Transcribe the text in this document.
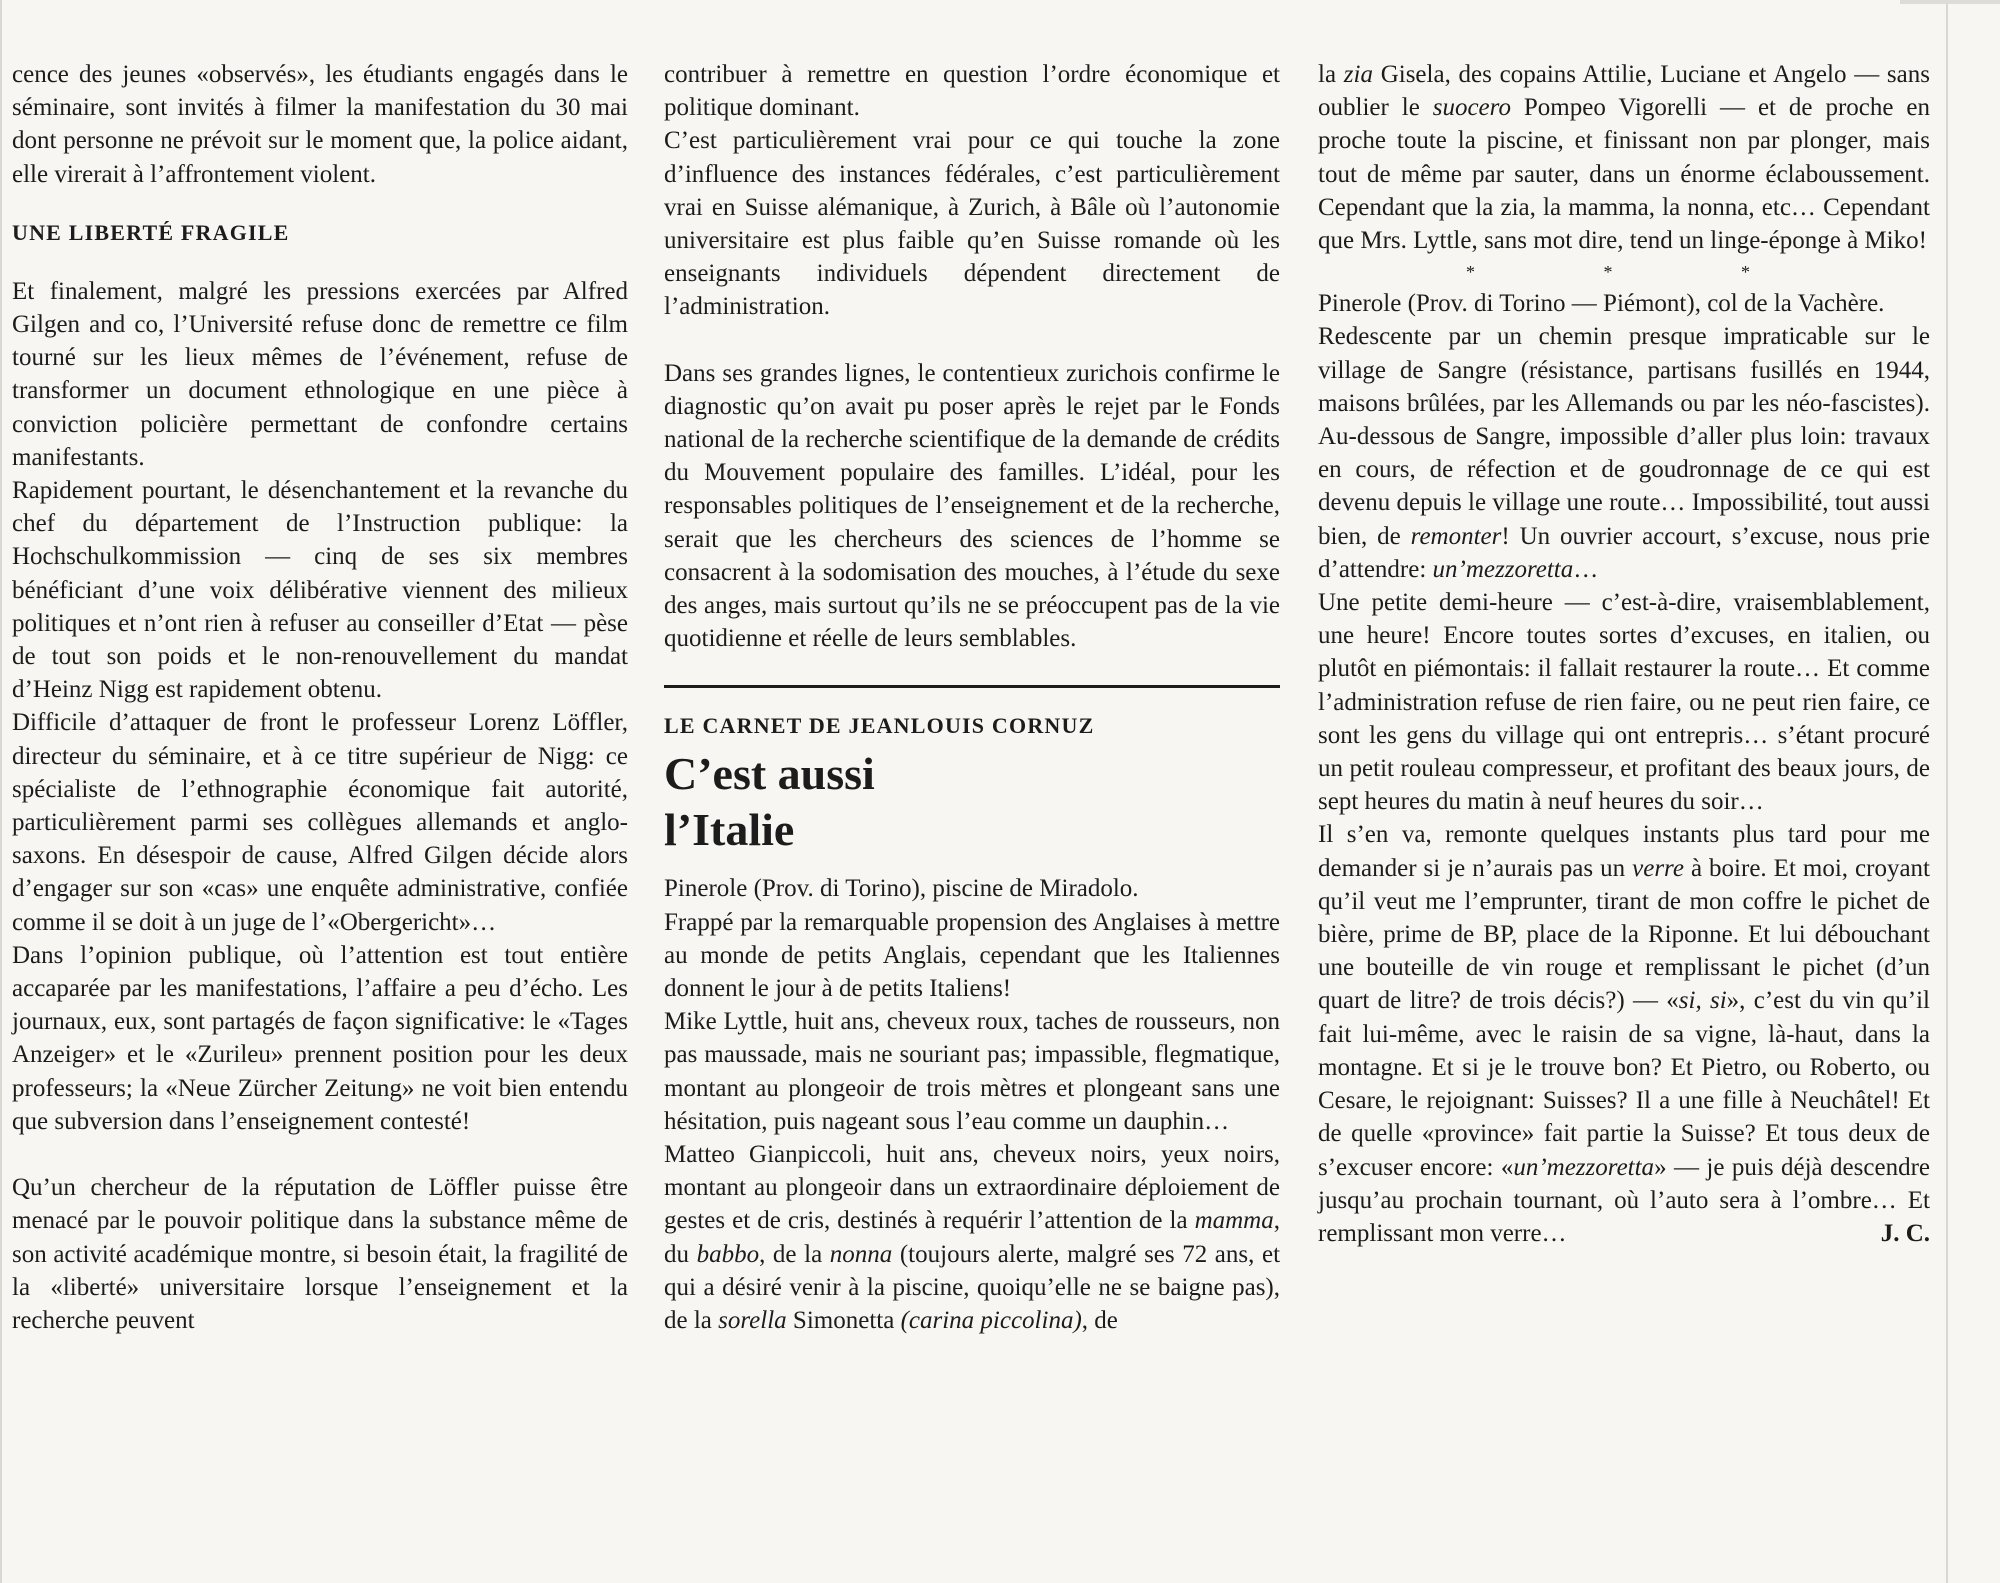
cence des jeunes «observés», les étudiants engagés dans le séminaire, sont invités à filmer la manifestation du 30 mai dont personne ne prévoit sur le moment que, la police aidant, elle virerait à l’affrontement violent.

UNE LIBERTÉ FRAGILE

Et finalement, malgré les pressions exercées par Alfred Gilgen and co, l’Université refuse donc de remettre ce film tourné sur les lieux mêmes de l’événement, refuse de transformer un document ethnologique en une pièce à conviction policière permettant de confondre certains manifestants.

Rapidement pourtant, le désenchantement et la revanche du chef du département de l’Instruction publique: la Hochschulkommission — cinq de ses six membres bénéficiant d’une voix délibérative viennent des milieux politiques et n’ont rien à refuser au conseiller d’Etat — pèse de tout son poids et le non-renouvellement du mandat d’Heinz Nigg est rapidement obtenu.

Difficile d’attaquer de front le professeur Lorenz Löffler, directeur du séminaire, et à ce titre supérieur de Nigg: ce spécialiste de l’ethnographie économique fait autorité, particulièrement parmi ses collègues allemands et anglo-saxons. En désespoir de cause, Alfred Gilgen décide alors d’engager sur son «cas» une enquête administrative, confiée comme il se doit à un juge de l’«Obergericht»…

Dans l’opinion publique, où l’attention est tout entière accaparée par les manifestations, l’affaire a peu d’écho. Les journaux, eux, sont partagés de façon significative: le «Tages Anzeiger» et le «Zurileu» prennent position pour les deux professeurs; la «Neue Zürcher Zeitung» ne voit bien entendu que subversion dans l’enseignement contesté!

Qu’un chercheur de la réputation de Löffler puisse être menacé par le pouvoir politique dans la substance même de son activité académique montre, si besoin était, la fragilité de la «liberté» universitaire lorsque l’enseignement et la recherche peuvent

contribuer à remettre en question l’ordre économique et politique dominant.

C’est particulièrement vrai pour ce qui touche la zone d’influence des instances fédérales, c’est particulièrement vrai en Suisse alémanique, à Zurich, à Bâle où l’autonomie universitaire est plus faible qu’en Suisse romande où les enseignants individuels dépendent directement de l’administration.

Dans ses grandes lignes, le contentieux zurichois confirme le diagnostic qu’on avait pu poser après le rejet par le Fonds national de la recherche scientifique de la demande de crédits du Mouvement populaire des familles. L’idéal, pour les responsables politiques de l’enseignement et de la recherche, serait que les chercheurs des sciences de l’homme se consacrent à la sodomisation des mouches, à l’étude du sexe des anges, mais surtout qu’ils ne se préoccupent pas de la vie quotidienne et réelle de leurs semblables.

LE CARNET DE JEANLOUIS CORNUZ
C’est aussi
l’Italie

Pinerole (Prov. di Torino), piscine de Miradolo.

Frappé par la remarquable propension des Anglaises à mettre au monde de petits Anglais, cependant que les Italiennes donnent le jour à de petits Italiens!

Mike Lyttle, huit ans, cheveux roux, taches de rousseurs, non pas maussade, mais ne souriant pas; impassible, flegmatique, montant au plongeoir de trois mètres et plongeant sans une hésitation, puis nageant sous l’eau comme un dauphin…

Matteo Gianpiccoli, huit ans, cheveux noirs, yeux noirs, montant au plongeoir dans un extraordinaire déploiement de gestes et de cris, destinés à requérir l’attention de la mamma, du babbo, de la nonna (toujours alerte, malgré ses 72 ans, et qui a désiré venir à la piscine, quoiqu’elle ne se baigne pas), de la sorella Simonetta (carina piccolina), de

la zia Gisela, des copains Attilie, Luciane et Angelo — sans oublier le suocero Pompeo Vigorelli — et de proche en proche toute la piscine, et finissant non par plonger, mais tout de même par sauter, dans un énorme éclaboussement. Cependant que la zia, la mamma, la nonna, etc… Cependant que Mrs. Lyttle, sans mot dire, tend un linge-éponge à Miko!

* * *

Pinerole (Prov. di Torino — Piémont), col de la Vachère.

Redescente par un chemin presque impraticable sur le village de Sangre (résistance, partisans fusillés en 1944, maisons brûlées, par les Allemands ou par les néo-fascistes). Au-dessous de Sangre, impossible d’aller plus loin: travaux en cours, de réfection et de goudronnage de ce qui est devenu depuis le village une route… Impossibilité, tout aussi bien, de remonter! Un ouvrier accourt, s’excuse, nous prie d’attendre: un’mezzoretta…

Une petite demi-heure — c’est-à-dire, vraisemblablement, une heure! Encore toutes sortes d’excuses, en italien, ou plutôt en piémontais: il fallait restaurer la route… Et comme l’administration refuse de rien faire, ou ne peut rien faire, ce sont les gens du village qui ont entrepris… s’étant procuré un petit rouleau compresseur, et profitant des beaux jours, de sept heures du matin à neuf heures du soir…

Il s’en va, remonte quelques instants plus tard pour me demander si je n’aurais pas un verre à boire. Et moi, croyant qu’il veut me l’emprunter, tirant de mon coffre le pichet de bière, prime de BP, place de la Riponne. Et lui débouchant une bouteille de vin rouge et remplissant le pichet (d’un quart de litre? de trois décis?) — «si, si», c’est du vin qu’il fait lui-même, avec le raisin de sa vigne, là-haut, dans la montagne. Et si je le trouve bon? Et Pietro, ou Roberto, ou Cesare, le rejoignant: Suisses? Il a une fille à Neuchâtel! Et de quelle «province» fait partie la Suisse? Et tous deux de s’excuser encore: «un’mezzoretta» — je puis déjà descendre jusqu’au prochain tournant, où l’auto sera à l’ombre… Et remplissant mon verre…	J. C.
